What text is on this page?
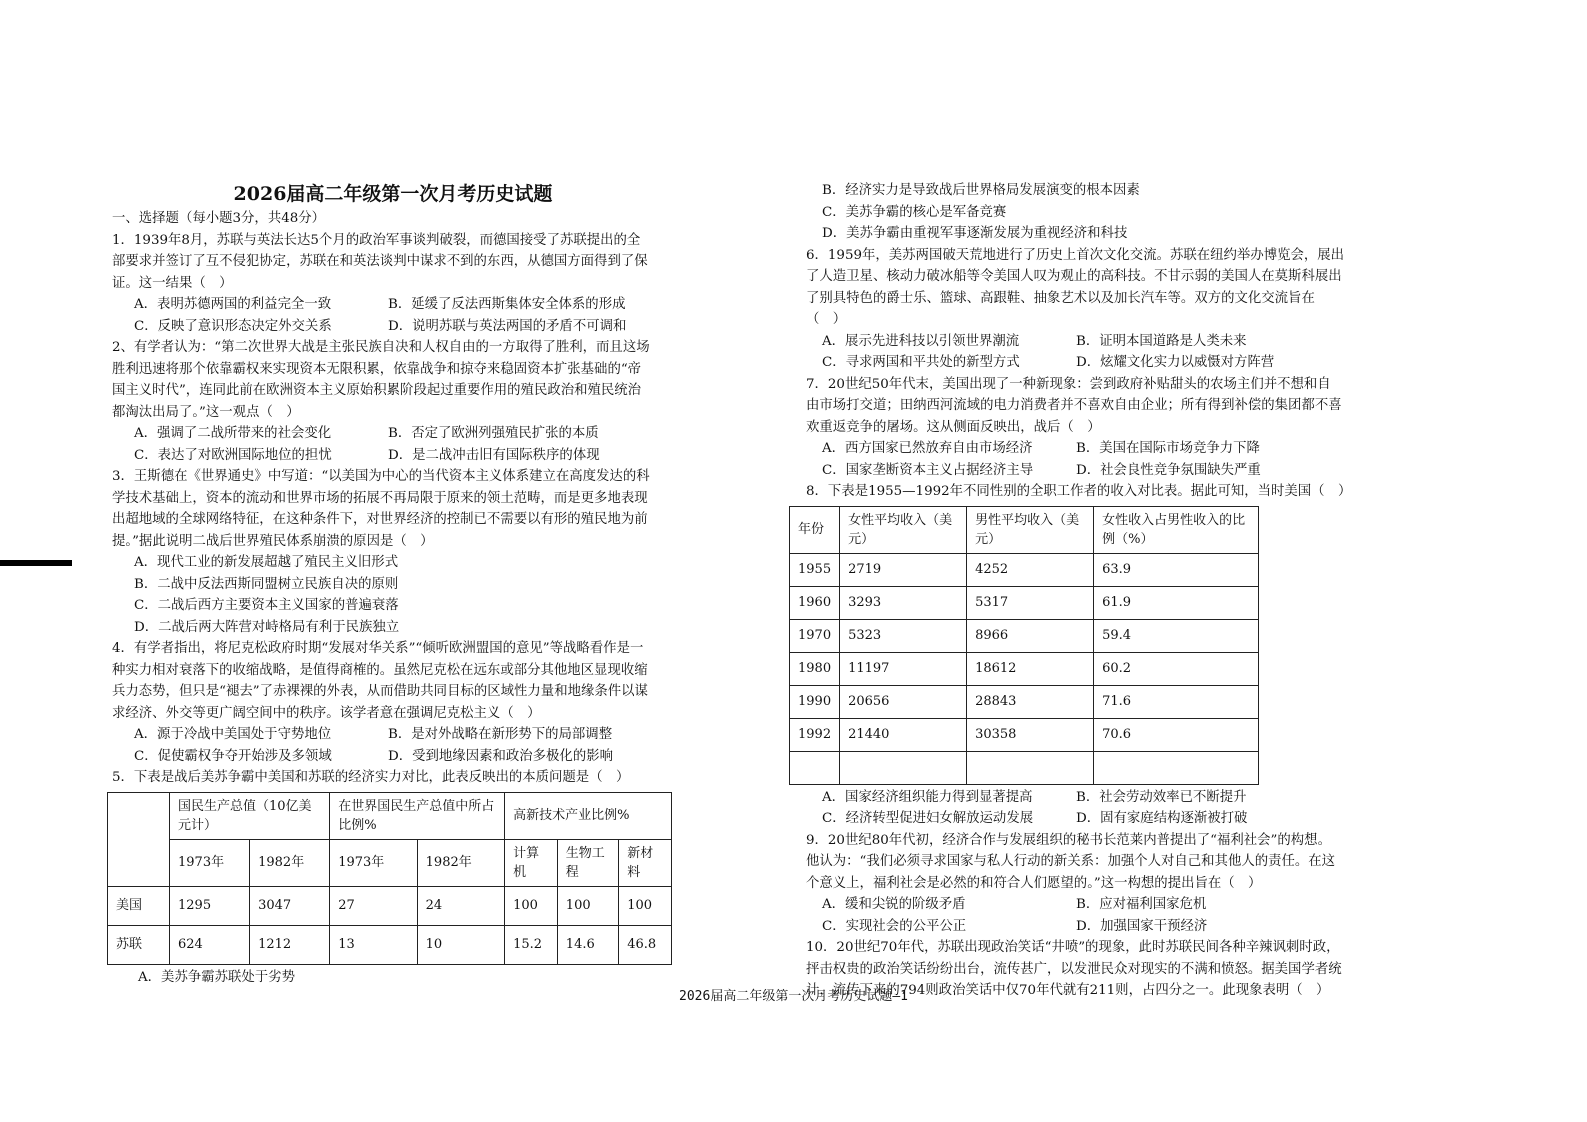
2026届高二年级第一次月考历史试题
一、选择题（每小题3分，共48分）
1．1939年8月，苏联与英法长达5个月的政治军事谈判破裂，而德国接受了苏联提出的全
部要求并签订了互不侵犯协定，苏联在和英法谈判中谋求不到的东西，从德国方面得到了保
证。这一结果（　）
A．表明苏德两国的利益完全一致	B．延缓了反法西斯集体安全体系的形成
C．反映了意识形态决定外交关系	D．说明苏联与英法两国的矛盾不可调和
2、有学者认为：“第二次世界大战是主张民族自决和人权自由的一方取得了胜利，而且这场
胜利迅速将那个依靠霸权来实现资本无限积累，依靠战争和掠夺来稳固资本扩张基础的“帝
国主义时代”，连同此前在欧洲资本主义原始积累阶段起过重要作用的殖民政治和殖民统治
都淘汰出局了。”这一观点（　）
A．强调了二战所带来的社会变化	B．否定了欧洲列强殖民扩张的本质
C．表达了对欧洲国际地位的担忧	D．是二战冲击旧有国际秩序的体现
3．王斯德在《世界通史》中写道：“以美国为中心的当代资本主义体系建立在高度发达的科
学技术基础上，资本的流动和世界市场的拓展不再局限于原来的领土范畴，而是更多地表现
出超地域的全球网络特征，在这种条件下，对世界经济的控制已不需要以有形的殖民地为前
提。”据此说明二战后世界殖民体系崩溃的原因是（　）
A．现代工业的新发展超越了殖民主义旧形式
B．二战中反法西斯同盟树立民族自决的原则
C．二战后西方主要资本主义国家的普遍衰落
D．二战后两大阵营对峙格局有利于民族独立
4．有学者指出，将尼克松政府时期“发展对华关系”“倾听欧洲盟国的意见”等战略看作是一
种实力相对衰落下的收缩战略，是值得商榷的。虽然尼克松在远东或部分其他地区显现收缩
兵力态势，但只是“褪去”了赤裸裸的外表，从而借助共同目标的区域性力量和地缘条件以谋
求经济、外交等更广阔空间中的秩序。该学者意在强调尼克松主义（　）
A．源于冷战中美国处于守势地位	B．是对外战略在新形势下的局部调整
C．促使霸权争夺开始涉及多领域	D．受到地缘因素和政治多极化的影响
5．下表是战后美苏争霸中美国和苏联的经济实力对比，此表反映出的本质问题是（　）
	国民生产总值（10亿美元计）		在世界国民生产总值中所占比例%		高新技术产业比例%		
	1973年	1982年	1973年	1982年	计算机	生物工程	新材料
美国	1295	3047	27	24	100	100	100
苏联	624	1212	13	10	15.2	14.6	46.8
A．美苏争霸苏联处于劣势
B．经济实力是导致战后世界格局发展演变的根本因素
C．美苏争霸的核心是军备竞赛
D．美苏争霸由重视军事逐渐发展为重视经济和科技
6．1959年，美苏两国破天荒地进行了历史上首次文化交流。苏联在纽约举办博览会，展出
了人造卫星、核动力破冰船等令美国人叹为观止的高科技。不甘示弱的美国人在莫斯科展出
了别具特色的爵士乐、篮球、高跟鞋、抽象艺术以及加长汽车等。双方的文化交流旨在
（　）
A．展示先进科技以引领世界潮流	B．证明本国道路是人类未来
C．寻求两国和平共处的新型方式	D．炫耀文化实力以威慑对方阵营
7．20世纪50年代末，美国出现了一种新现象：尝到政府补贴甜头的农场主们并不想和自
由市场打交道；田纳西河流域的电力消费者并不喜欢自由企业；所有得到补偿的集团都不喜
欢重返竞争的屠场。这从侧面反映出，战后（　）
A．西方国家已然放弃自由市场经济	B．美国在国际市场竞争力下降
C．国家垄断资本主义占据经济主导	D．社会良性竞争氛围缺失严重
8．下表是1955—1992年不同性别的全职工作者的收入对比表。据此可知，当时美国（　）
年份	女性平均收入（美元）	男性平均收入（美元）	女性收入占男性收入的比例（%）
1955	2719	4252	63.9
1960	3293	5317	61.9
1970	5323	8966	59.4
1980	11197	18612	60.2
1990	20656	28843	71.6
1992	21440	30358	70.6

A．国家经济组织能力得到显著提高	B．社会劳动效率已不断提升
C．经济转型促进妇女解放运动发展	D．固有家庭结构逐渐被打破
9．20世纪80年代初，经济合作与发展组织的秘书长范莱内普提出了“福利社会”的构想。
他认为：“我们必须寻求国家与私人行动的新关系：加强个人对自己和其他人的责任。在这
个意义上，福利社会是必然的和符合人们愿望的。”这一构想的提出旨在（　）
A．缓和尖锐的阶级矛盾	B．应对福利国家危机
C．实现社会的公平公正	D．加强国家干预经济
10．20世纪70年代，苏联出现政治笑话“井喷”的现象，此时苏联民间各种辛辣讽刺时政，
抨击权贵的政治笑话纷纷出台，流传甚广，以发泄民众对现实的不满和愤怒。据美国学者统
计，流传下来的794则政治笑话中仅70年代就有211则，占四分之一。此现象表明（　）
2026届高二年级第一次月考历史试题—1
